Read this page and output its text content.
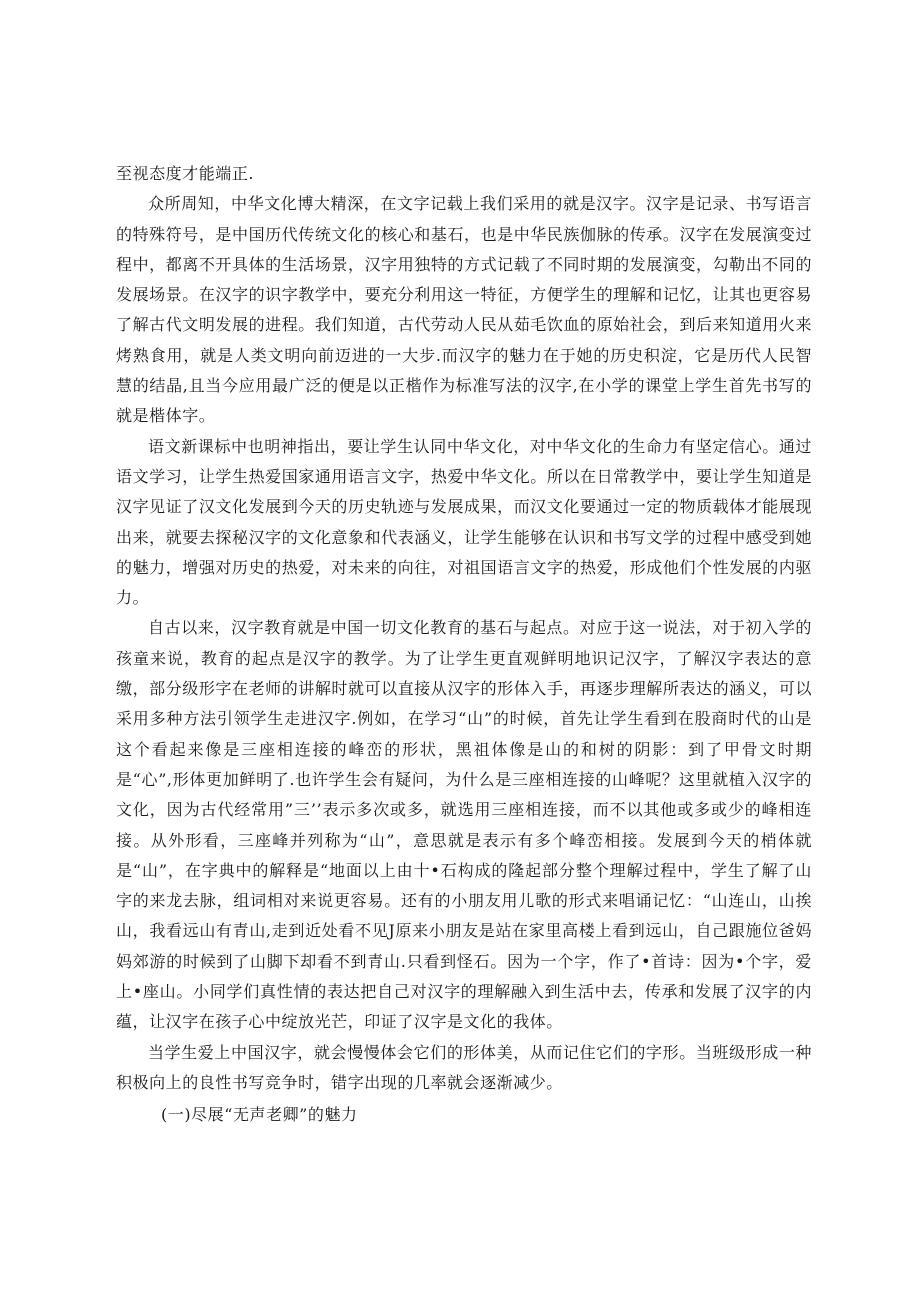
至视态度才能端正.

众所周知，中华文化博大精深，在文字记载上我们采用的就是汉字。汉字是记录、书写语言的特殊符号，是中国历代传统文化的核心和基石，也是中华民族伽脉的传承。汉字在发展演变过程中，都离不开具体的生活场景，汉字用独特的方式记载了不同时期的发展演变，勾勒出不同的发展场景。在汉字的识字教学中，要充分利用这一特征，方便学生的理解和记忆，让其也更容易了解古代文明发展的进程。我们知道，古代劳动人民从茹毛饮血的原始社会，到后来知道用火来烤熟食用，就是人类文明向前迈进的一大步.而汉字的魅力在于她的历史积淀，它是历代人民智慧的结晶,且当今应用最广泛的便是以正楷作为标准写法的汉字,在小学的课堂上学生首先书写的就是楷体字。

语文新课标中也明神指出，要让学生认同中华文化，对中华文化的生命力有坚定信心。通过语文学习，让学生热爱国家通用语言文字，热爱中华文化。所以在日常教学中，要让学生知道是汉字见证了汉文化发展到今天的历史轨迹与发展成果，而汉文化要通过一定的物质载体才能展现出来，就要去探秘汉字的文化意象和代表涵义，让学生能够在认识和书写文学的过程中感受到她的魅力，增强对历史的热爱，对未来的向往，对祖国语言文字的热爱，形成他们个性发展的内驱力。

自古以来，汉字教育就是中国一切文化教育的基石与起点。对应于这一说法，对于初入学的孩童来说，教育的起点是汉字的教学。为了让学生更直观鲜明地识记汉字，了解汉字表达的意缴，部分级形字在老师的讲解时就可以直接从汉字的形体入手，再逐步理解所表达的涵义，可以采用多种方法引领学生走进汉字.例如，在学习“山”的时候，首先让学生看到在股商时代的山是这个看起来像是三座相连接的峰峦的形状，黑祖体像是山的和树的阴影：到了甲骨文时期是“心”,形体更加鲜明了.也许学生会有疑问，为什么是三座相连接的山峰呢？这里就植入汉字的文化，因为古代经常用”三’’表示多次或多，就选用三座相连接，而不以其他或多或少的峰相连接。从外形看，三座峰并列称为“山”，意思就是表示有多个峰峦相接。发展到今天的梢体就是“山”，在字典中的解释是“地面以上由十•石构成的隆起部分整个理解过程中，学生了解了山字的来龙去脉，组词相对来说更容易。还有的小朋友用儿歌的形式来唱诵记忆：“山连山，山挨山，我看远山有青山,走到近处看不见J原来小朋友是站在家里高楼上看到远山，自己跟施位爸妈妈郊游的时候到了山脚下却看不到青山.只看到怪石。因为一个字，作了•首诗：因为•个字，爱上•座山。小同学们真性情的表达把自己对汉字的理解融入到生活中去，传承和发展了汉字的内蕴，让汉字在孩子心中绽放光芒，印证了汉字是文化的我体。

当学生爱上中国汉字，就会慢慢体会它们的形体美，从而记住它们的字形。当班级形成一种积极向上的良性书写竞争时，错字出现的几率就会逐渐减少。

(一)尽展“无声老卿”的魅力
